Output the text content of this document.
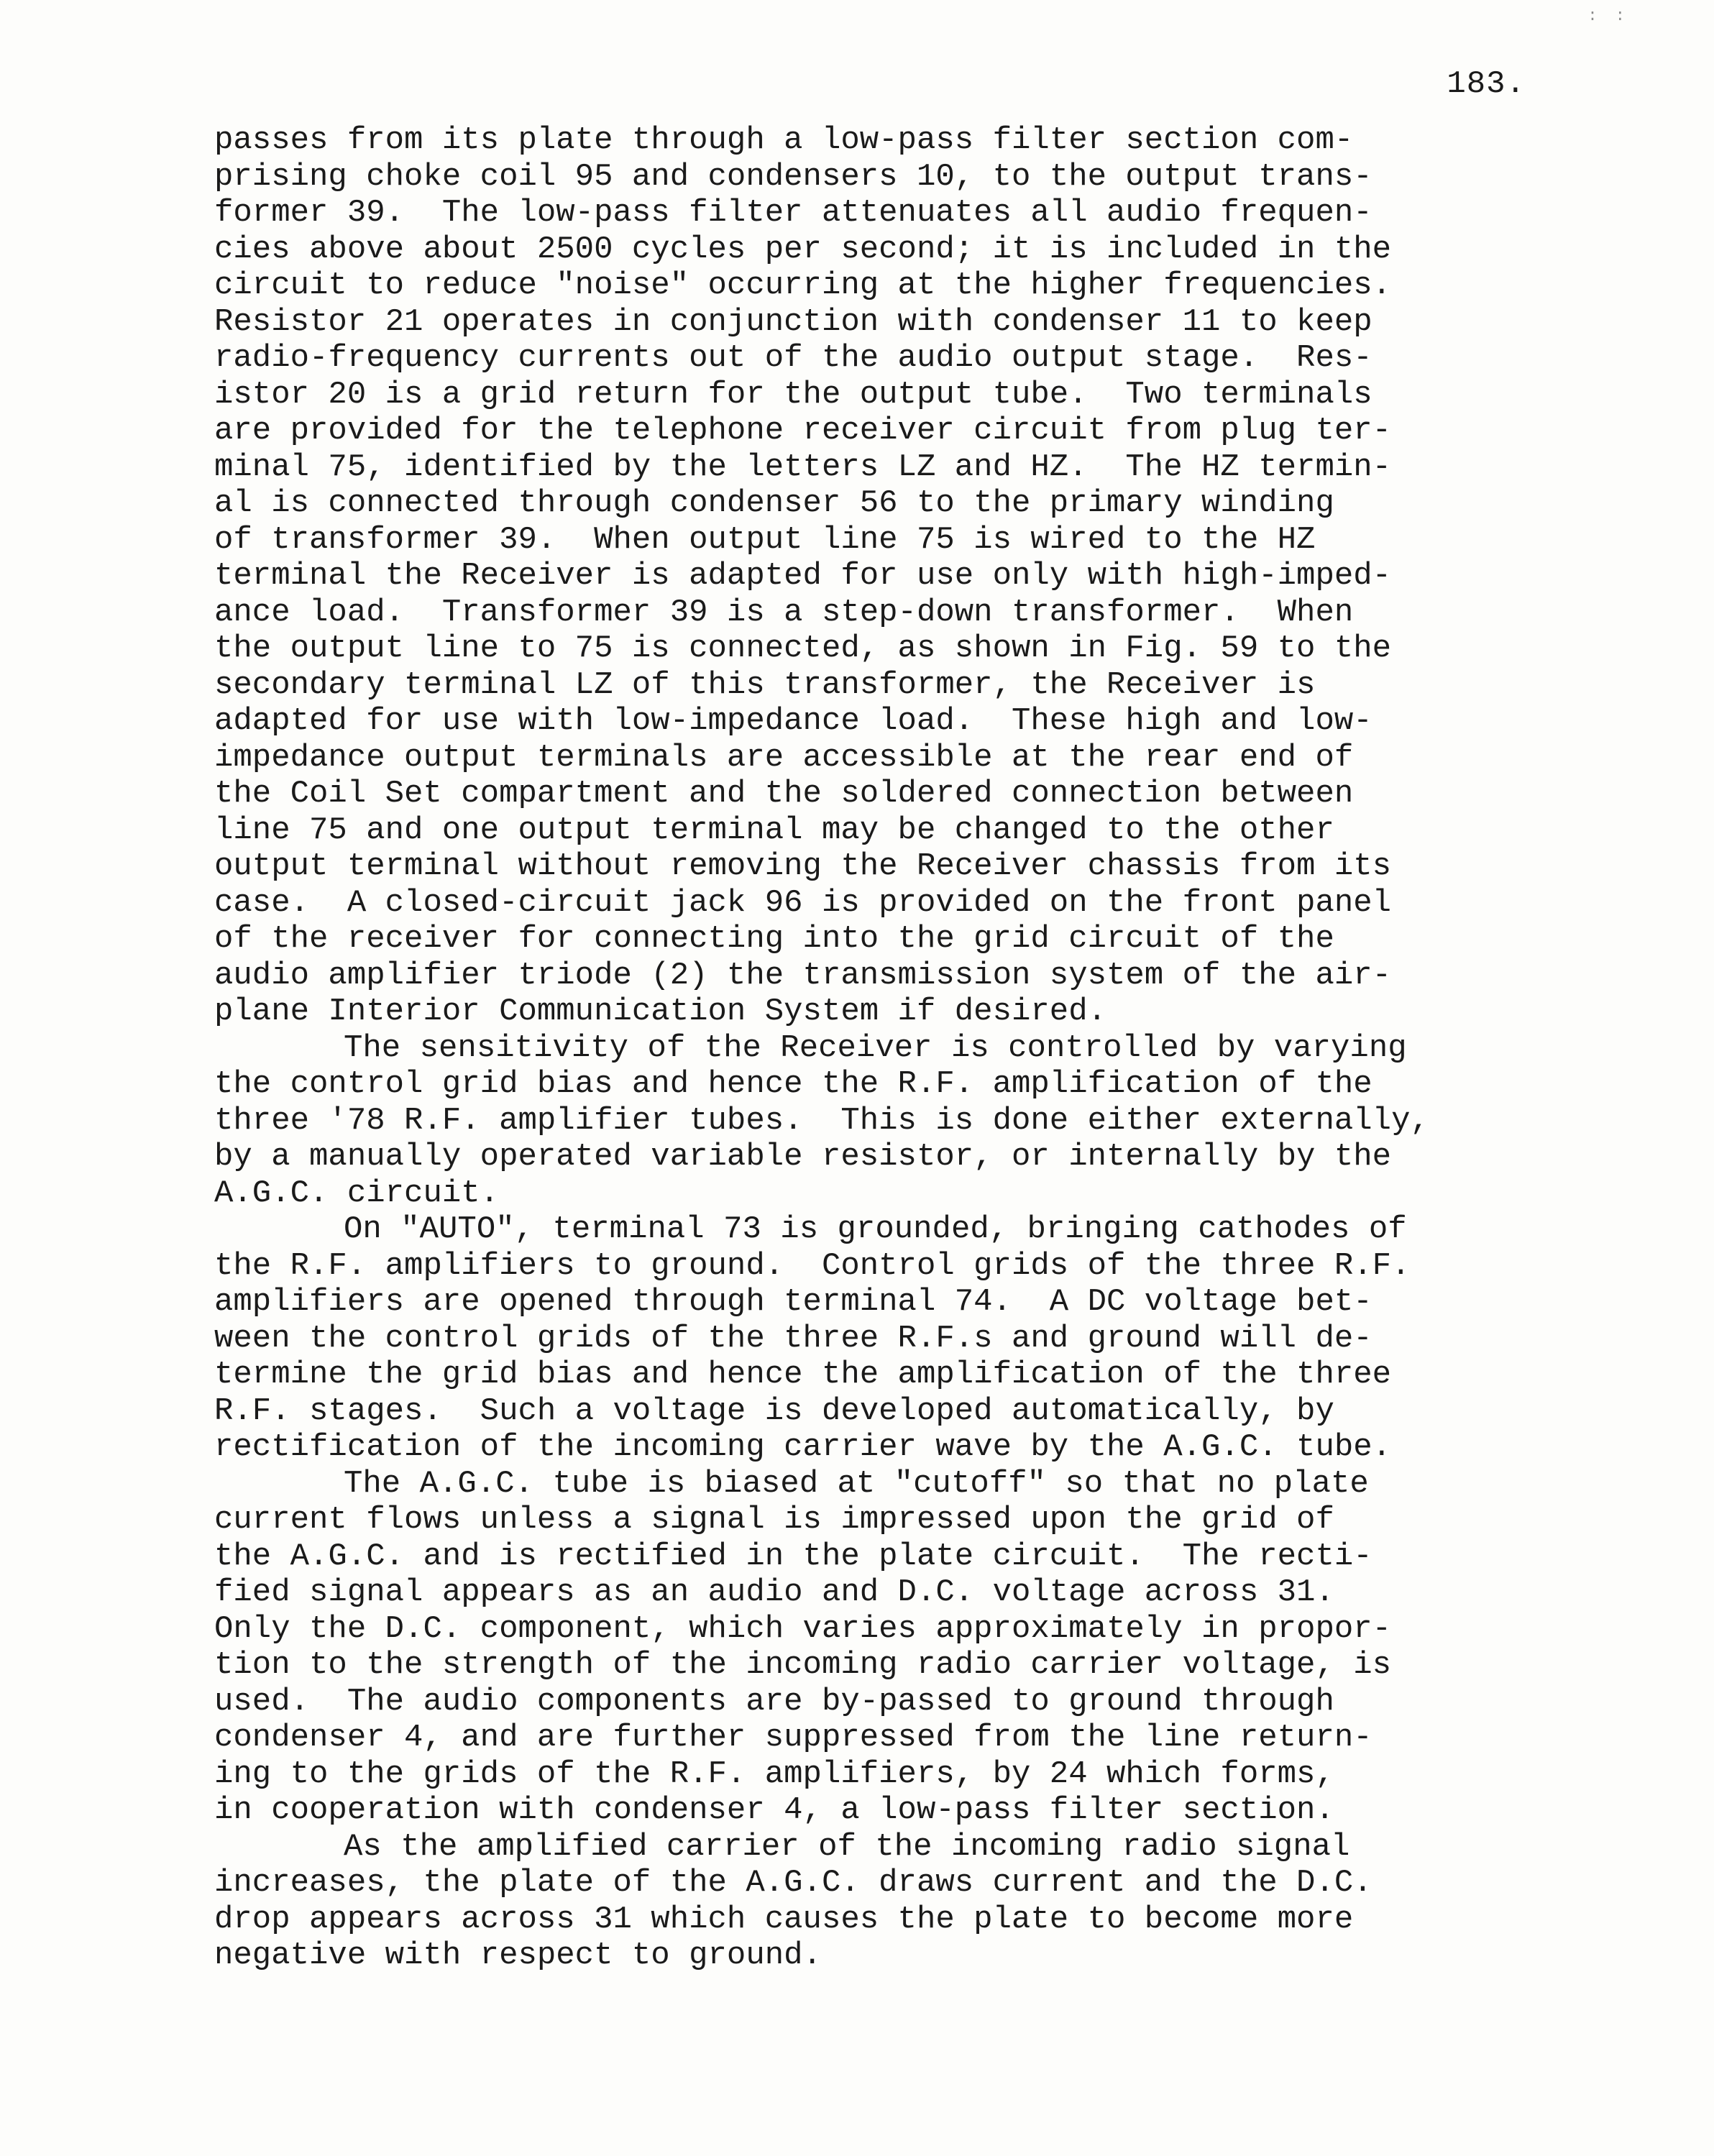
: :
183.
passes from its plate through a low-pass filter section com-
prising choke coil 95 and condensers 10, to the output trans-
former 39.  The low-pass filter attenuates all audio frequen-
cies above about 2500 cycles per second; it is included in the
circuit to reduce "noise" occurring at the higher frequencies.
Resistor 21 operates in conjunction with condenser 11 to keep
radio-frequency currents out of the audio output stage.  Res-
istor 20 is a grid return for the output tube.  Two terminals
are provided for the telephone receiver circuit from plug ter-
minal 75, identified by the letters LZ and HZ.  The HZ termin-
al is connected through condenser 56 to the primary winding
of transformer 39.  When output line 75 is wired to the HZ
terminal the Receiver is adapted for use only with high-imped-
ance load.  Transformer 39 is a step-down transformer.  When
the output line to 75 is connected, as shown in Fig. 59 to the
secondary terminal LZ of this transformer, the Receiver is
adapted for use with low-impedance load.  These high and low-
impedance output terminals are accessible at the rear end of
the Coil Set compartment and the soldered connection between
line 75 and one output terminal may be changed to the other
output terminal without removing the Receiver chassis from its
case.  A closed-circuit jack 96 is provided on the front panel
of the receiver for connecting into the grid circuit of the
audio amplifier triode (2) the transmission system of the air-
plane Interior Communication System if desired.
The sensitivity of the Receiver is controlled by varying
the control grid bias and hence the R.F. amplification of the
three '78 R.F. amplifier tubes.  This is done either externally,
by a manually operated variable resistor, or internally by the
A.G.C. circuit.
On "AUTO", terminal 73 is grounded, bringing cathodes of
the R.F. amplifiers to ground.  Control grids of the three R.F.
amplifiers are opened through terminal 74.  A DC voltage bet-
ween the control grids of the three R.F.s and ground will de-
termine the grid bias and hence the amplification of the three
R.F. stages.  Such a voltage is developed automatically, by
rectification of the incoming carrier wave by the A.G.C. tube.
The A.G.C. tube is biased at "cutoff" so that no plate
current flows unless a signal is impressed upon the grid of
the A.G.C. and is rectified in the plate circuit.  The recti-
fied signal appears as an audio and D.C. voltage across 31.
Only the D.C. component, which varies approximately in propor-
tion to the strength of the incoming radio carrier voltage, is
used.  The audio components are by-passed to ground through
condenser 4, and are further suppressed from the line return-
ing to the grids of the R.F. amplifiers, by 24 which forms,
in cooperation with condenser 4, a low-pass filter section.
As the amplified carrier of the incoming radio signal
increases, the plate of the A.G.C. draws current and the D.C.
drop appears across 31 which causes the plate to become more
negative with respect to ground.
